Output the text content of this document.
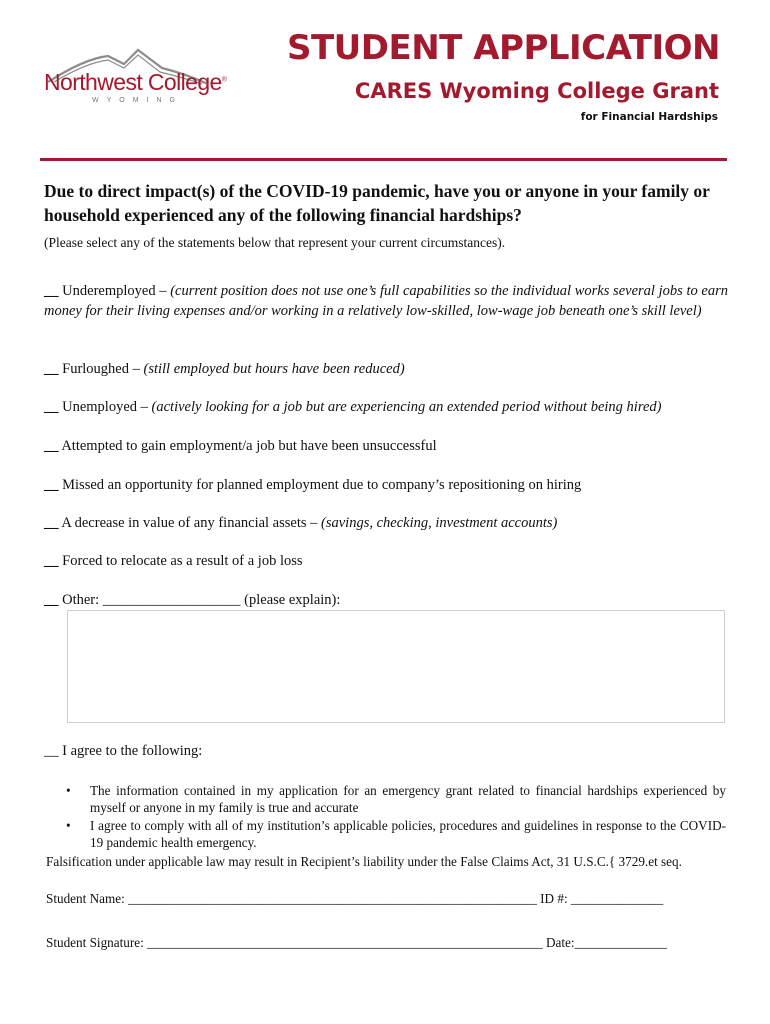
Northwest College®
WYOMING
STUDENT APPLICATION
CARES Wyoming College Grant
for Financial Hardships
Due to direct impact(s) of the COVID-19 pandemic, have you or anyone in your family or household experienced any of the following financial hardships?
(Please select any of the statements below that represent your current circumstances).
__ Underemployed – (current position does not use one’s full capabilities so the individual works several jobs to earn money for their living expenses and/or working in a relatively low-skilled, low-wage job beneath one’s skill level)
__ Furloughed – (still employed but hours have been reduced)
__ Unemployed – (actively looking for a job but are experiencing an extended period without being hired)
__ Attempted to gain employment/a job but have been unsuccessful
__ Missed an opportunity for planned employment due to company’s repositioning on hiring
__ A decrease in value of any financial assets – (savings, checking, investment accounts)
__ Forced to relocate as a result of a job loss
__ Other: ___________________ (please explain):
__ I agree to the following:
• The information contained in my application for an emergency grant related to financial hardships experienced by myself or anyone in my family is true and accurate
• I agree to comply with all of my institution’s applicable policies, procedures and guidelines in response to the COVID-19 pandemic health emergency.
Falsification under applicable law may result in Recipient’s liability under the False Claims Act, 31 U.S.C.{ 3729.et seq.
Student Name: ______________________________________________________________ ID #: ______________
Student Signature: ____________________________________________________________ Date:______________
